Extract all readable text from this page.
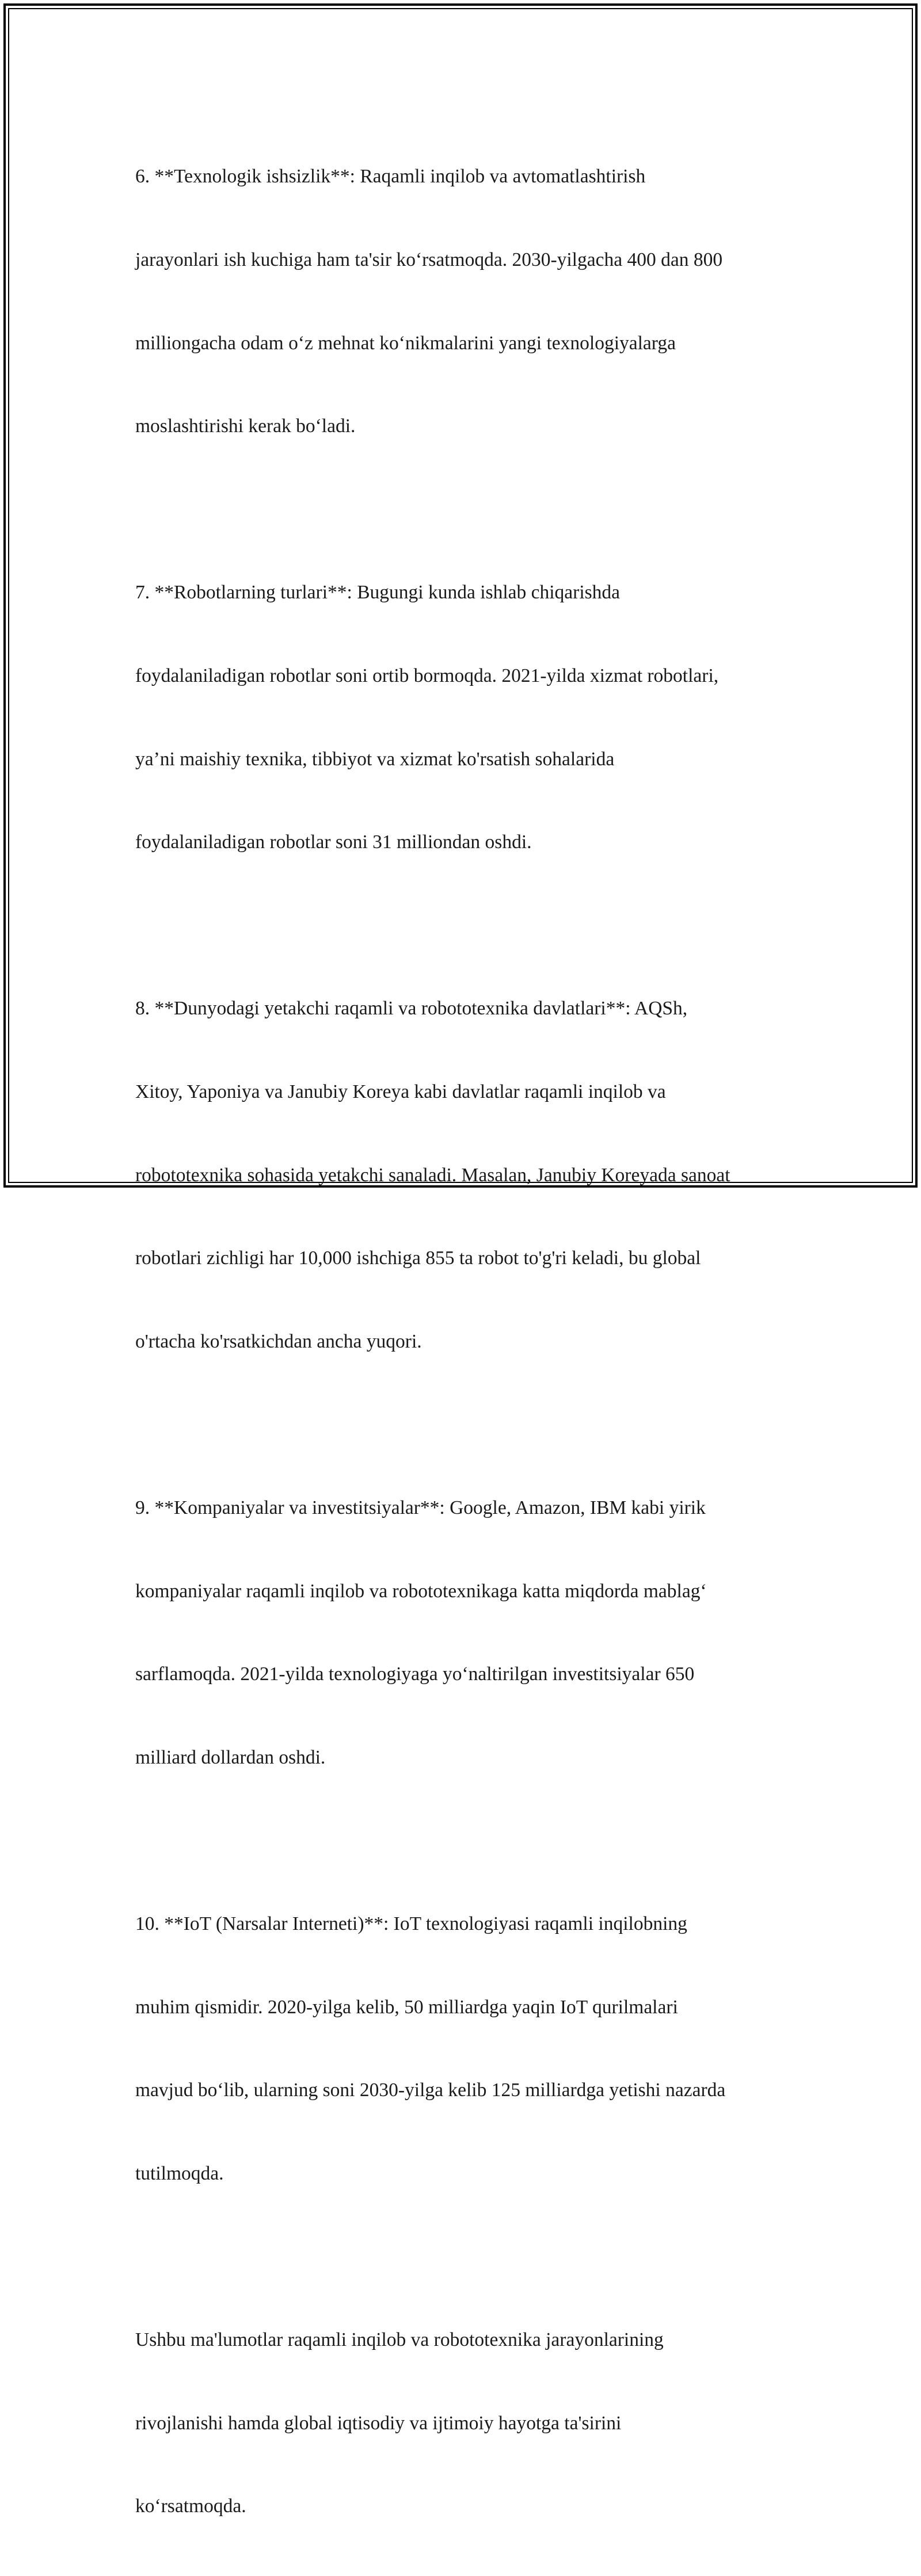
6. **Texnologik ishsizlik**: Raqamli inqilob va avtomatlashtirish

jarayonlari ish kuchiga ham ta'sir koʻrsatmoqda. 2030-yilgacha 400 dan 800

milliongacha odam oʻz mehnat koʻnikmalarini yangi texnologiyalarga

moslashtirishi kerak boʻladi.

7. **Robotlarning turlari**: Bugungi kunda ishlab chiqarishda

foydalaniladigan robotlar soni ortib bormoqda. 2021-yilda xizmat robotlari,

ya’ni maishiy texnika, tibbiyot va xizmat ko'rsatish sohalarida

foydalaniladigan robotlar soni 31 milliondan oshdi.

8. **Dunyodagi yetakchi raqamli va robototexnika davlatlari**: AQSh,

Xitoy, Yaponiya va Janubiy Koreya kabi davlatlar raqamli inqilob va

robototexnika sohasida yetakchi sanaladi. Masalan, Janubiy Koreyada sanoat

robotlari zichligi har 10,000 ishchiga 855 ta robot to'g'ri keladi, bu global

o'rtacha ko'rsatkichdan ancha yuqori.

9. **Kompaniyalar va investitsiyalar**: Google, Amazon, IBM kabi yirik

kompaniyalar raqamli inqilob va robototexnikaga katta miqdorda mablagʻ

sarflamoqda. 2021-yilda texnologiyaga yoʻnaltirilgan investitsiyalar 650

milliard dollardan oshdi.

10. **IoT (Narsalar Interneti)**: IoT texnologiyasi raqamli inqilobning

muhim qismidir. 2020-yilga kelib, 50 milliardga yaqin IoT qurilmalari

mavjud boʻlib, ularning soni 2030-yilga kelib 125 milliardga yetishi nazarda

tutilmoqda.

Ushbu ma'lumotlar raqamli inqilob va robototexnika jarayonlarining

rivojlanishi hamda global iqtisodiy va ijtimoiy hayotga ta'sirini

koʻrsatmoqda.
